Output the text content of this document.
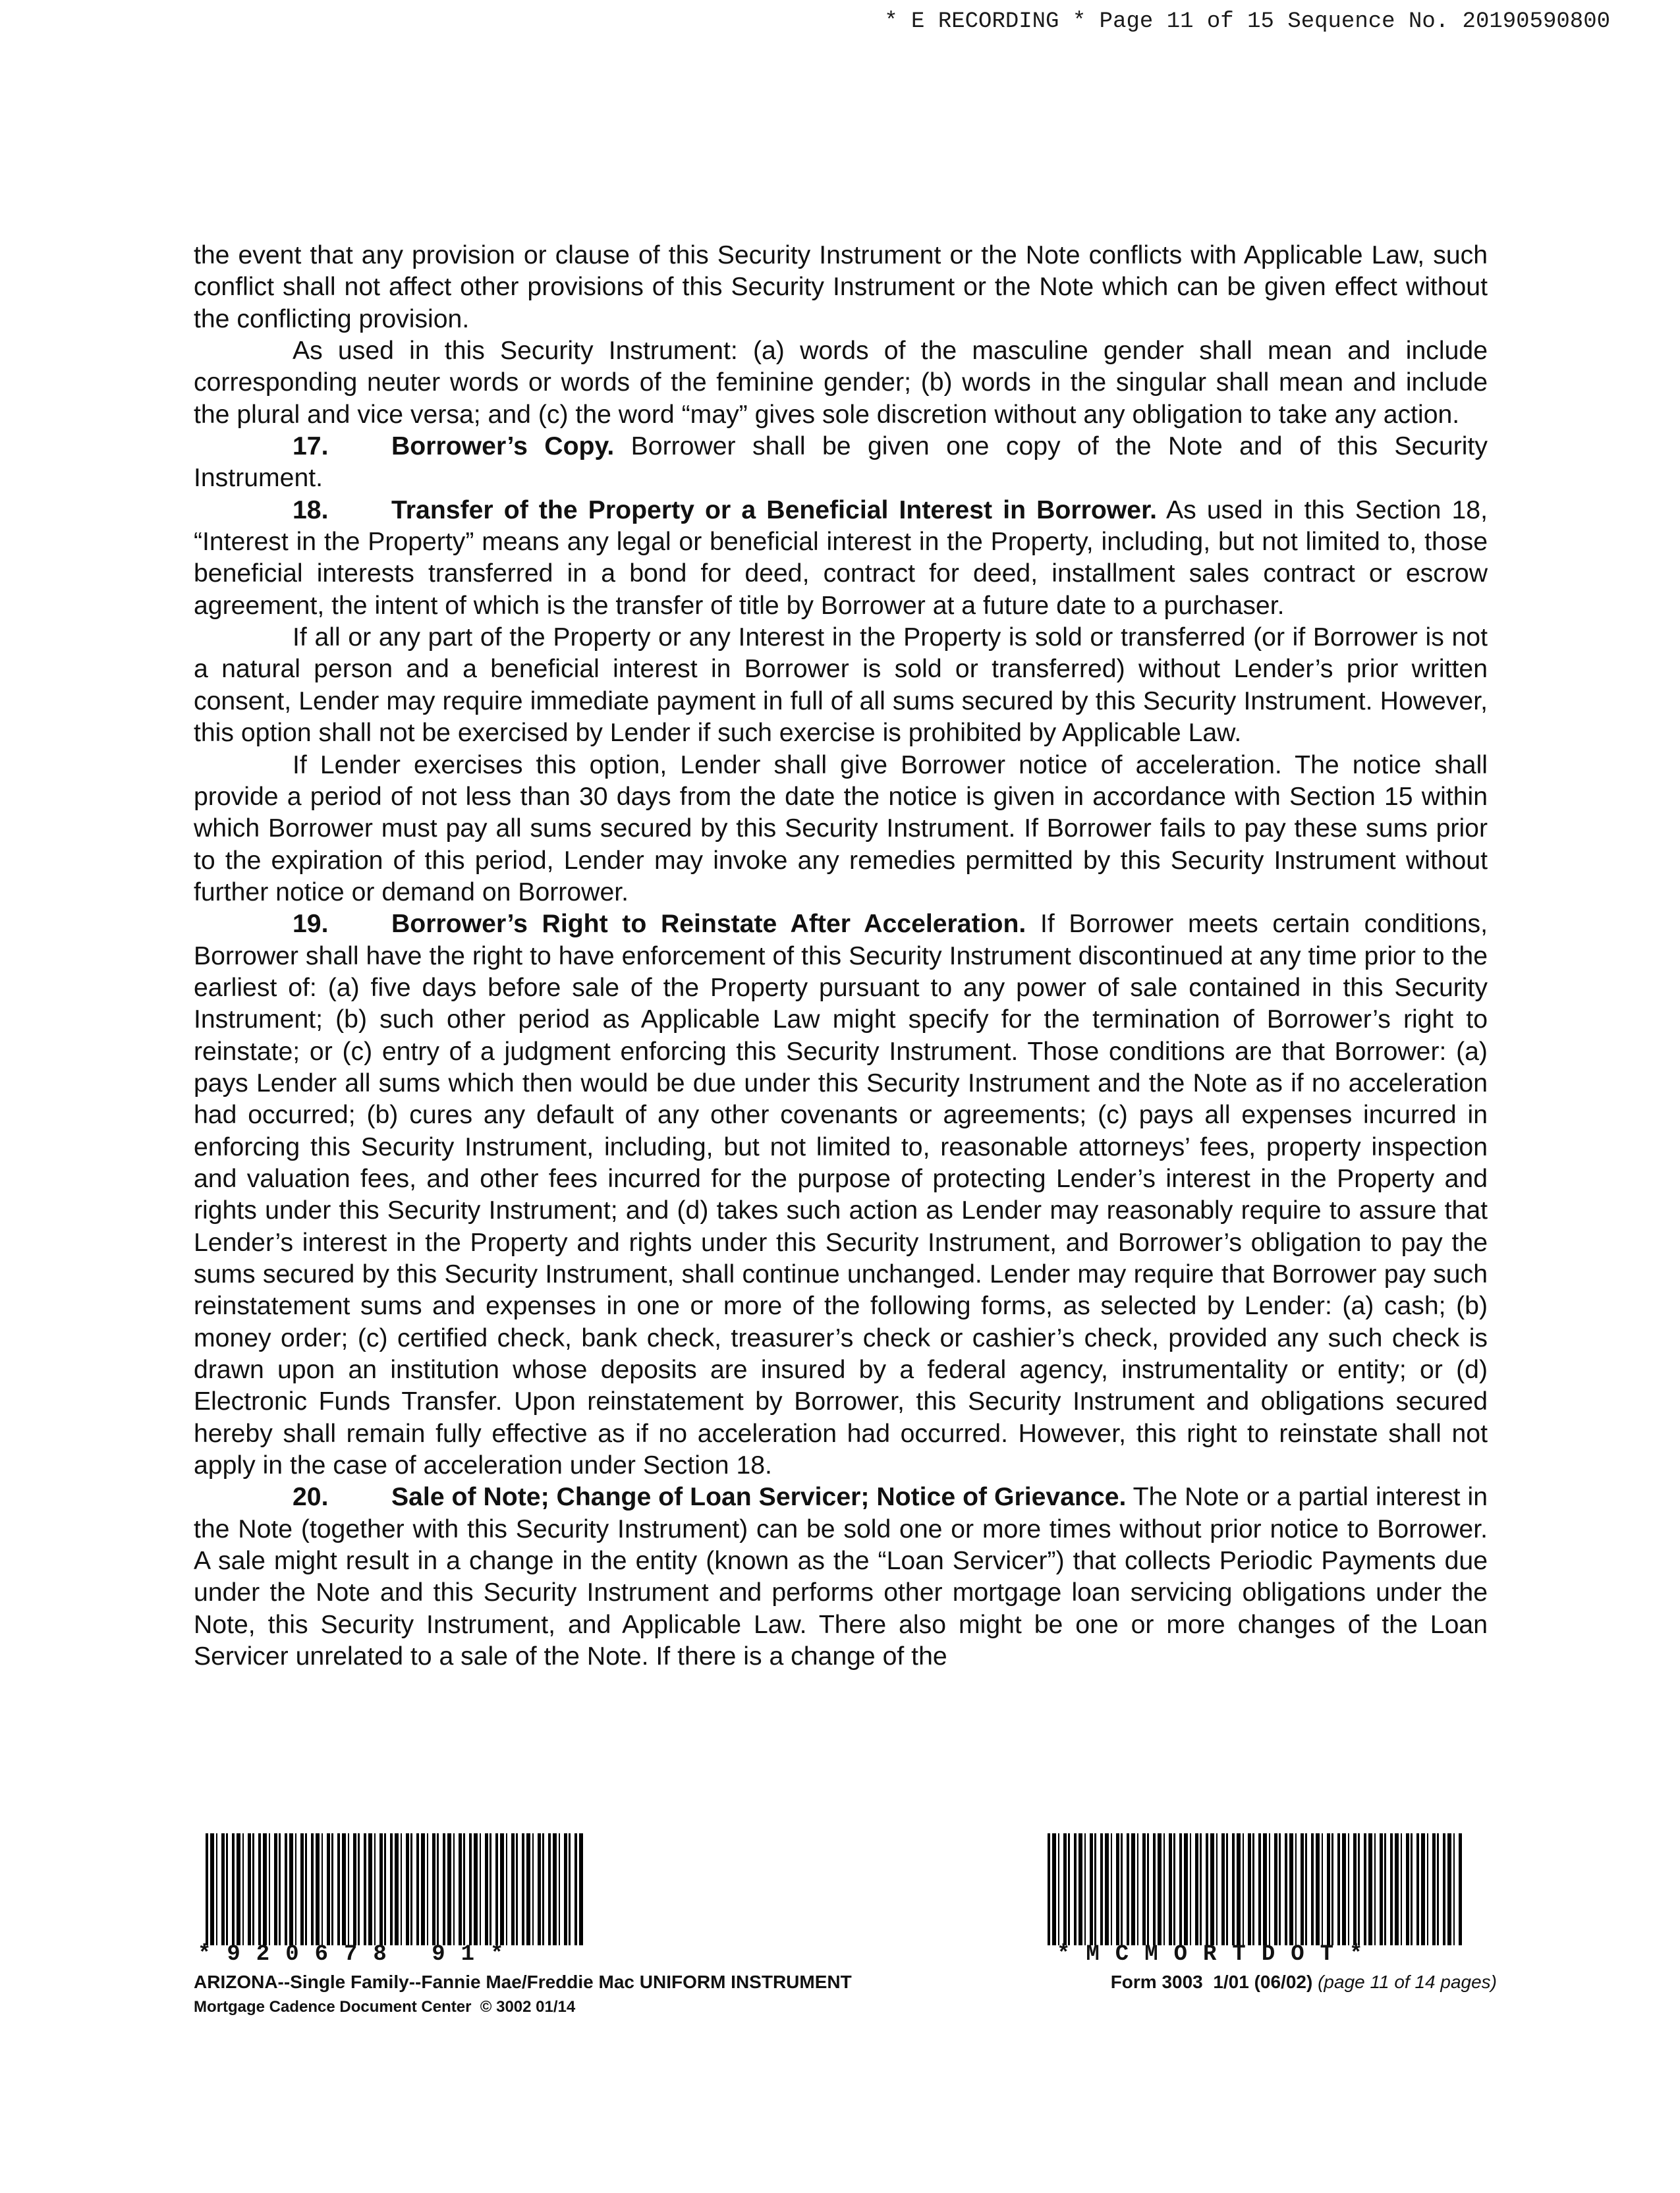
* E RECORDING * Page 11 of 15 Sequence No. 20190590800

the event that any provision or clause of this Security Instrument or the Note conflicts with Applicable Law, such conflict shall not affect other provisions of this Security Instrument or the Note which can be given effect without the conflicting provision.

As used in this Security Instrument: (a) words of the masculine gender shall mean and include corresponding neuter words or words of the feminine gender; (b) words in the singular shall mean and include the plural and vice versa; and (c) the word “may” gives sole discretion without any obligation to take any action.

17. Borrower’s Copy. Borrower shall be given one copy of the Note and of this Security Instrument.

18. Transfer of the Property or a Beneficial Interest in Borrower. As used in this Section 18, “Interest in the Property” means any legal or beneficial interest in the Property, including, but not limited to, those beneficial interests transferred in a bond for deed, contract for deed, installment sales contract or escrow agreement, the intent of which is the transfer of title by Borrower at a future date to a purchaser.

If all or any part of the Property or any Interest in the Property is sold or transferred (or if Borrower is not a natural person and a beneficial interest in Borrower is sold or transferred) without Lender’s prior written consent, Lender may require immediate payment in full of all sums secured by this Security Instrument. However, this option shall not be exercised by Lender if such exercise is prohibited by Applicable Law.

If Lender exercises this option, Lender shall give Borrower notice of acceleration. The notice shall provide a period of not less than 30 days from the date the notice is given in accordance with Section 15 within which Borrower must pay all sums secured by this Security Instrument. If Borrower fails to pay these sums prior to the expiration of this period, Lender may invoke any remedies permitted by this Security Instrument without further notice or demand on Borrower.

19. Borrower’s Right to Reinstate After Acceleration. If Borrower meets certain conditions, Borrower shall have the right to have enforcement of this Security Instrument discontinued at any time prior to the earliest of: (a) five days before sale of the Property pursuant to any power of sale contained in this Security Instrument; (b) such other period as Applicable Law might specify for the termination of Borrower’s right to reinstate; or (c) entry of a judgment enforcing this Security Instrument. Those conditions are that Borrower: (a) pays Lender all sums which then would be due under this Security Instrument and the Note as if no acceleration had occurred; (b) cures any default of any other covenants or agreements; (c) pays all expenses incurred in enforcing this Security Instrument, including, but not limited to, reasonable attorneys’ fees, property inspection and valuation fees, and other fees incurred for the purpose of protecting Lender’s interest in the Property and rights under this Security Instrument; and (d) takes such action as Lender may reasonably require to assure that Lender’s interest in the Property and rights under this Security Instrument, and Borrower’s obligation to pay the sums secured by this Security Instrument, shall continue unchanged. Lender may require that Borrower pay such reinstatement sums and expenses in one or more of the following forms, as selected by Lender: (a) cash; (b) money order; (c) certified check, bank check, treasurer’s check or cashier’s check, provided any such check is drawn upon an institution whose deposits are insured by a federal agency, instrumentality or entity; or (d) Electronic Funds Transfer. Upon reinstatement by Borrower, this Security Instrument and obligations secured hereby shall remain fully effective as if no acceleration had occurred. However, this right to reinstate shall not apply in the case of acceleration under Section 18.

20. Sale of Note; Change of Loan Servicer; Notice of Grievance. The Note or a partial interest in the Note (together with this Security Instrument) can be sold one or more times without prior notice to Borrower. A sale might result in a change in the entity (known as the “Loan Servicer”) that collects Periodic Payments due under the Note and this Security Instrument and performs other mortgage loan servicing obligations under the Note, this Security Instrument, and Applicable Law. There also might be one or more changes of the Loan Servicer unrelated to a sale of the Note. If there is a change of the

*920678 91*	*MCMORTDOT*
ARIZONA--Single Family--Fannie Mae/Freddie Mac UNIFORM INSTRUMENT
Mortgage Cadence Document Center  © 3002 01/14
Form 3003  1/01 (06/02) (page 11 of 14 pages)
